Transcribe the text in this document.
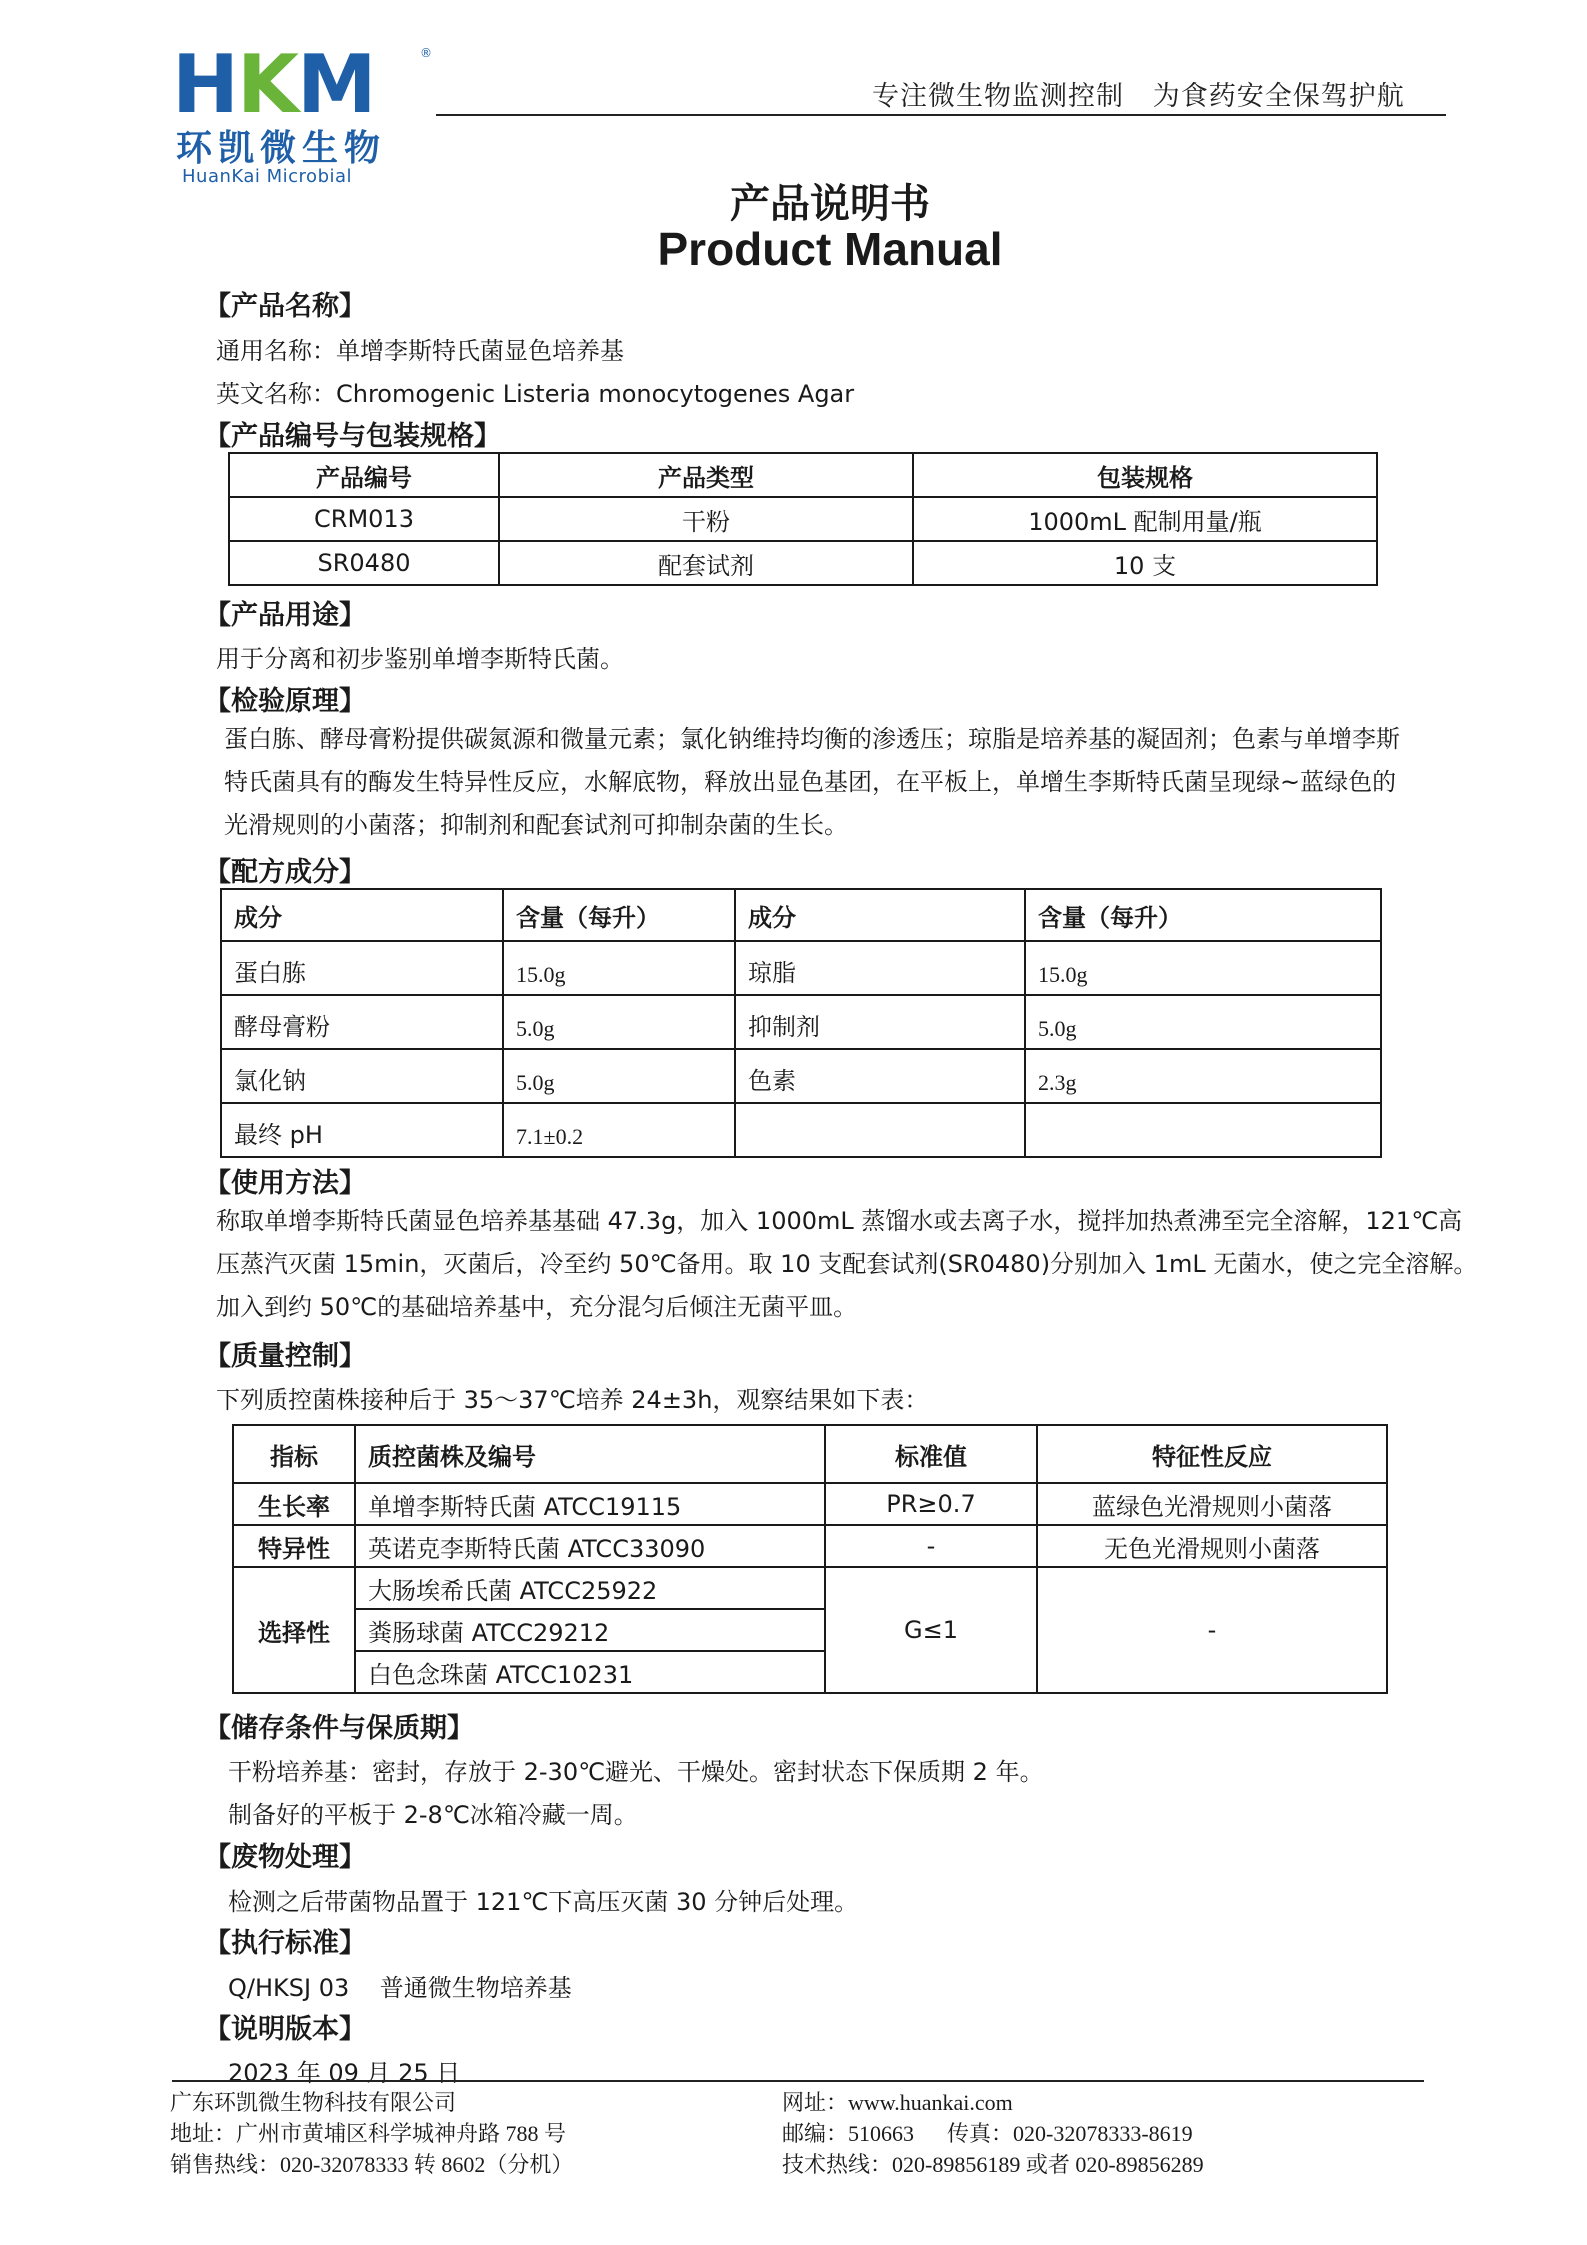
HKM	®
环凯微生物
HuanKai Microbial
专注微生物监测控制   为食药安全保驾护航
产品说明书
Product Manual
【产品名称】
通用名称：单增李斯特氏菌显色培养基
英文名称：Chromogenic Listeria monocytogenes Agar
【产品编号与包装规格】
产品编号	产品类型	包装规格
CRM013	干粉	1000mL 配制用量/瓶
SR0480	配套试剂	10 支
【产品用途】
用于分离和初步鉴别单增李斯特氏菌。
【检验原理】
蛋白胨、酵母膏粉提供碳氮源和微量元素；氯化钠维持均衡的渗透压；琼脂是培养基的凝固剂；色素与单增李斯
特氏菌具有的酶发生特异性反应，水解底物，释放出显色基团，在平板上，单增生李斯特氏菌呈现绿~蓝绿色的
光滑规则的小菌落；抑制剂和配套试剂可抑制杂菌的生长。
【配方成分】
成分	含量（每升）	成分	含量（每升）
蛋白胨	15.0g	琼脂	15.0g
酵母膏粉	5.0g	抑制剂	5.0g
氯化钠	5.0g	色素	2.3g
最终 pH	7.1±0.2		
【使用方法】
称取单增李斯特氏菌显色培养基基础 47.3g，加入 1000mL 蒸馏水或去离子水，搅拌加热煮沸至完全溶解，121℃高
压蒸汽灭菌 15min，灭菌后，冷至约 50℃备用。取 10 支配套试剂(SR0480)分别加入 1mL 无菌水，使之完全溶解。
加入到约 50℃的基础培养基中，充分混匀后倾注无菌平皿。
【质量控制】
下列质控菌株接种后于 35～37℃培养 24±3h，观察结果如下表：
指标	质控菌株及编号	标准值	特征性反应
生长率	单增李斯特氏菌 ATCC19115	PR≥0.7	蓝绿色光滑规则小菌落
特异性	英诺克李斯特氏菌 ATCC33090	-	无色光滑规则小菌落
选择性	大肠埃希氏菌 ATCC25922	G≤1	-
	粪肠球菌 ATCC29212		
	白色念珠菌 ATCC10231		
【储存条件与保质期】
干粉培养基：密封，存放于 2-30℃避光、干燥处。密封状态下保质期 2 年。
制备好的平板于 2-8℃冰箱冷藏一周。
【废物处理】
检测之后带菌物品置于 121℃下高压灭菌 30 分钟后处理。
【执行标准】
Q/HKSJ 03    普通微生物培养基
【说明版本】
2023 年 09 月 25 日
广东环凯微生物科技有限公司
地址：广州市黄埔区科学城神舟路 788 号
销售热线：020-32078333 转 8602（分机）
网址：www.huankai.com
邮编：510663      传真：020-32078333-8619
技术热线：020-89856189 或者 020-89856289
